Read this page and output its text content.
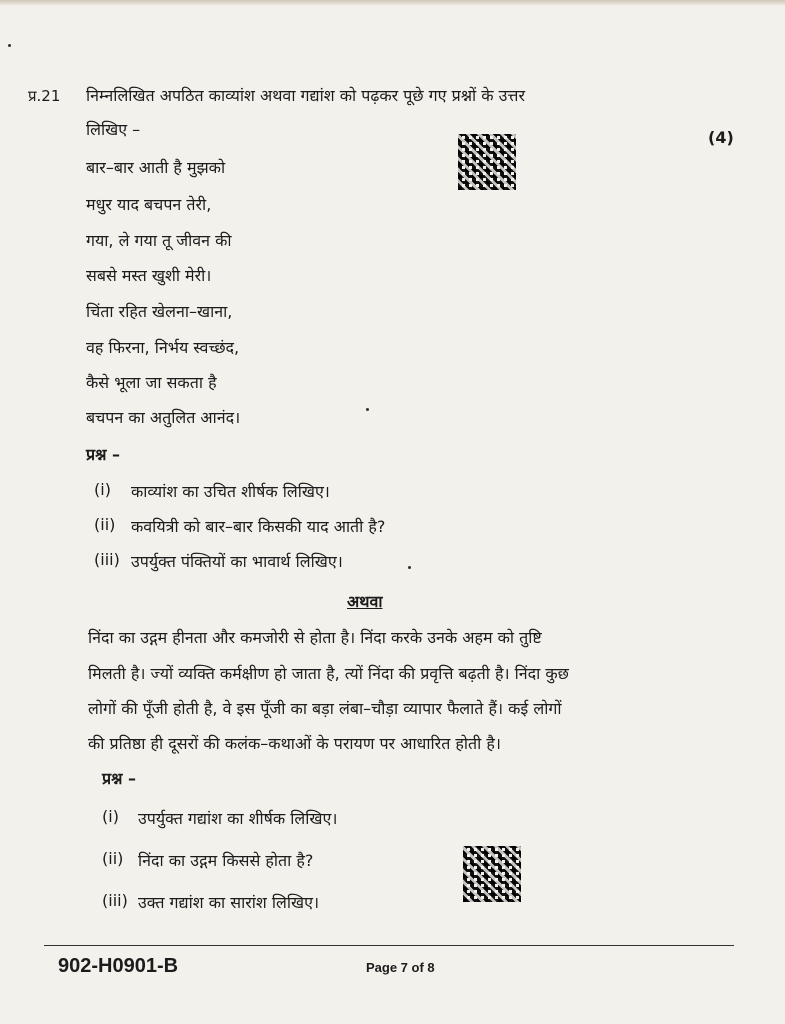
प्र.21 निम्नलिखित अपठित काव्यांश अथवा गद्यांश को पढ़कर पूछे गए प्रश्नों के उत्तर
लिखिए –	(4)
बार–बार आती है मुझको
मधुर याद बचपन तेरी,
गया, ले गया तू जीवन की
सबसे मस्त खुशी मेरी।
चिंता रहित खेलना–खाना,
वह फिरना, निर्भय स्वच्छंद,
कैसे भूला जा सकता है
बचपन का अतुलित आनंद।
प्रश्न –
(i) काव्यांश का उचित शीर्षक लिखिए।
(ii) कवयित्री को बार–बार किसकी याद आती है?
(iii) उपर्युक्त पंक्तियों का भावार्थ लिखिए।
अथवा
निंदा का उद्गम हीनता और कमजोरी से होता है। निंदा करके उनके अहम को तुष्टि
मिलती है। ज्यों व्यक्ति कर्मक्षीण हो जाता है, त्यों निंदा की प्रवृत्ति बढ़ती है। निंदा कुछ
लोगों की पूँजी होती है, वे इस पूँजी का बड़ा लंबा–चौड़ा व्यापार फैलाते हैं। कई लोगों
की प्रतिष्ठा ही दूसरों की कलंक–कथाओं के परायण पर आधारित होती है।
प्रश्न –
(i) उपर्युक्त गद्यांश का शीर्षक लिखिए।
(ii) निंदा का उद्गम किससे होता है?
(iii) उक्त गद्यांश का सारांश लिखिए।
902-H0901-B	Page 7 of 8
